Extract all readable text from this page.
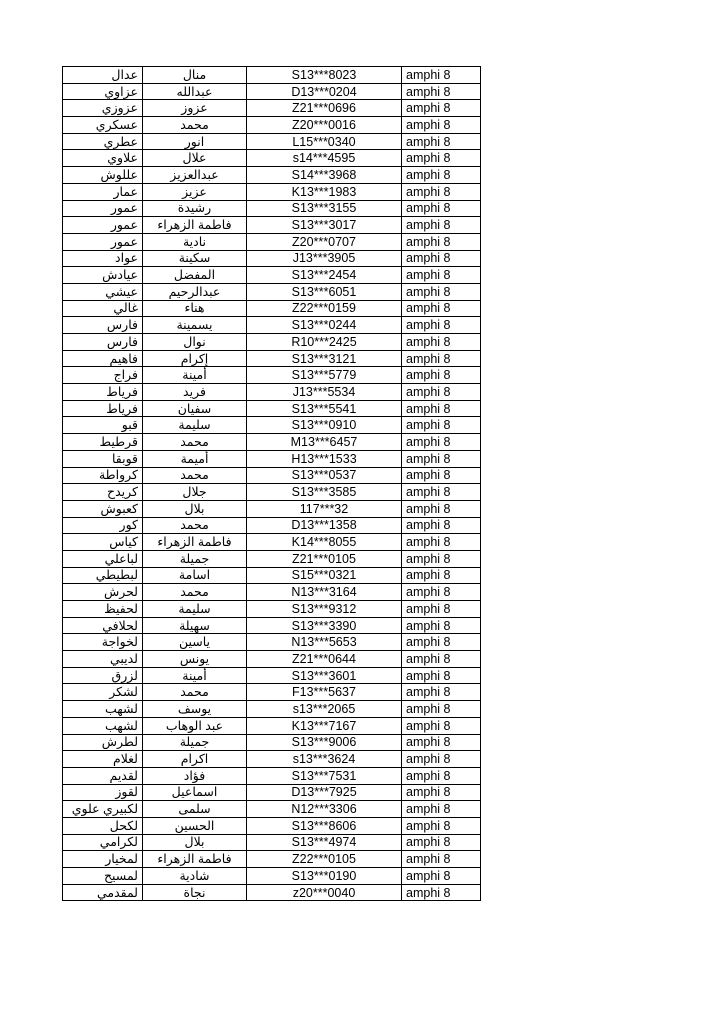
عدال	منال	S13***8023	amphi 8
عزاوي	عبدالله	D13***0204	amphi 8
عزوزي	عزوز	Z21***0696	amphi 8
عسكري	محمد	Z20***0016	amphi 8
عطري	انور	L15***0340	amphi 8
علاوي	علال	s14***4595	amphi 8
عللوش	عبدالعزيز	S14***3968	amphi 8
عمار	عزيز	K13***1983	amphi 8
عمور	رشيدة	S13***3155	amphi 8
عمور	فاطمة الزهراء	S13***3017	amphi 8
عمور	نادية	Z20***0707	amphi 8
عواد	سكينة	J13***3905	amphi 8
عيادش	المفضل	S13***2454	amphi 8
عيشي	عبدالرحيم	S13***6051	amphi 8
غالي	هناء	Z22***0159	amphi 8
فارس	يسمينة	S13***0244	amphi 8
فارس	نوال	R10***2425	amphi 8
فاهيم	إكرام	S13***3121	amphi 8
فراج	أمينة	S13***5779	amphi 8
فرياط	فريد	J13***5534	amphi 8
فرياط	سفيان	S13***5541	amphi 8
قبو	سليمة	S13***0910	amphi 8
قرطيط	محمد	M13***6457	amphi 8
قوبقا	أميمة	H13***1533	amphi 8
كرواطة	محمد	S13***0537	amphi 8
كريدح	جلال	S13***3585	amphi 8
كعبوش	بلال	117***32	amphi 8
كور	محمد	D13***1358	amphi 8
كياس	فاطمة الزهراء	K14***8055	amphi 8
لباعلي	جميلة	Z21***0105	amphi 8
لبطيطي	اسامة	S15***0321	amphi 8
لحرش	محمد	N13***3164	amphi 8
لحفيظ	سليمة	S13***9312	amphi 8
لحلافي	سهيلة	S13***3390	amphi 8
لخواجة	ياسين	N13***5653	amphi 8
لديبي	يونس	Z21***0644	amphi 8
لزرق	أمينة	S13***3601	amphi 8
لشكر	محمد	F13***5637	amphi 8
لشهب	يوسف	s13***2065	amphi 8
لشهب	عبد الوهاب	K13***7167	amphi 8
لطرش	جميلة	S13***9006	amphi 8
لغلام	اكرام	s13***3624	amphi 8
لقديم	فؤاد	S13***7531	amphi 8
لقوز	اسماعيل	D13***7925	amphi 8
لكبيري علوي	سلمى	N12***3306	amphi 8
لكحل	الحسين	S13***8606	amphi 8
لكرامي	بلال	S13***4974	amphi 8
لمخيار	فاطمة الزهراء	Z22***0105	amphi 8
لمسيح	شادية	S13***0190	amphi 8
لمقدمي	نجاة	z20***0040	amphi 8
